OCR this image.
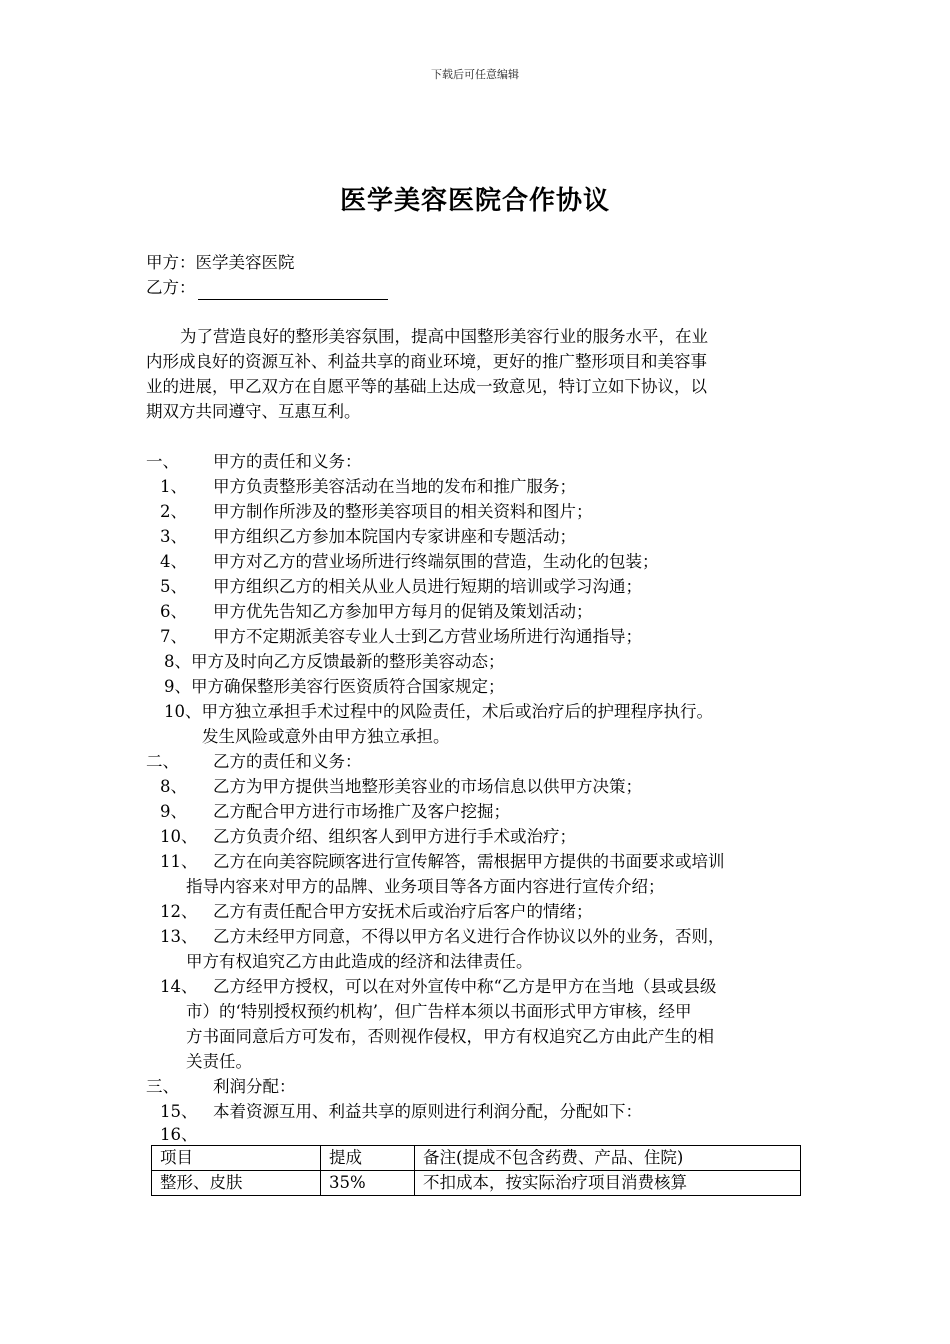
下载后可任意编辑
医学美容医院合作协议
甲方：医学美容医院
乙方：
为了营造良好的整形美容氛围，提高中国整形美容行业的服务水平，在业
内形成良好的资源互补、利益共享的商业环境，更好的推广整形项目和美容事
业的进展，甲乙双方在自愿平等的基础上达成一致意见，特订立如下协议，以
期双方共同遵守、互惠互利。
一、 甲方的责任和义务：
1、 甲方负责整形美容活动在当地的发布和推广服务；
2、 甲方制作所涉及的整形美容项目的相关资料和图片；
3、 甲方组织乙方参加本院国内专家讲座和专题活动；
4、 甲方对乙方的营业场所进行终端氛围的营造，生动化的包装；
5、 甲方组织乙方的相关从业人员进行短期的培训或学习沟通；
6、 甲方优先告知乙方参加甲方每月的促销及策划活动；
7、 甲方不定期派美容专业人士到乙方营业场所进行沟通指导；
8、甲方及时向乙方反馈最新的整形美容动态；
9、甲方确保整形美容行医资质符合国家规定；
10、甲方独立承担手术过程中的风险责任，术后或治疗后的护理程序执行。
发生风险或意外由甲方独立承担。
二、 乙方的责任和义务：
8、 乙方为甲方提供当地整形美容业的市场信息以供甲方决策；
9、 乙方配合甲方进行市场推广及客户挖掘；
10、 乙方负责介绍、组织客人到甲方进行手术或治疗；
11、 乙方在向美容院顾客进行宣传解答，需根据甲方提供的书面要求或培训
指导内容来对甲方的品牌、业务项目等各方面内容进行宣传介绍；
12、 乙方有责任配合甲方安抚术后或治疗后客户的情绪；
13、 乙方未经甲方同意，不得以甲方名义进行合作协议以外的业务，否则，
甲方有权追究乙方由此造成的经济和法律责任。
14、 乙方经甲方授权，可以在对外宣传中称“乙方是甲方在当地（县或县级
市）的‘特别授权预约机构’，但广告样本须以书面形式甲方审核，经甲
方书面同意后方可发布，否则视作侵权，甲方有权追究乙方由此产生的相
关责任。
三、 利润分配：
15、 本着资源互用、利益共享的原则进行利润分配，分配如下：
16、
项目	提成	备注(提成不包含药费、产品、住院)
整形、皮肤	35%	不扣成本，按实际治疗项目消费核算
